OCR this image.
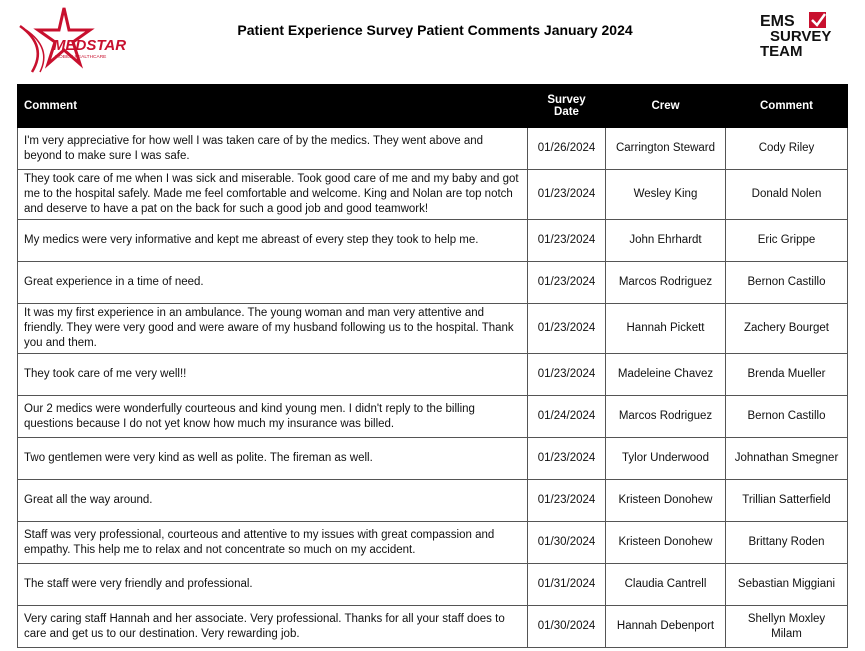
MEDSTAR
MOBILE HEALTHCARE
Patient Experience Survey Patient Comments January 2024	EMS
SURVEY
TEAM
Comment	Survey Date	Crew	Comment
I'm very appreciative for how well I was taken care of by the medics. They went above and beyond to make sure I was safe.	01/26/2024	Carrington Steward	Cody Riley
They took care of me when I was sick and miserable. Took good care of me and my baby and got me to the hospital safely. Made me feel comfortable and welcome. King and Nolan are top notch and deserve to have a pat on the back for such a good job and good teamwork!	01/23/2024	Wesley King	Donald Nolen
My medics were very informative and kept me abreast of every step they took to help me.	01/23/2024	John Ehrhardt	Eric Grippe
Great experience in a time of need.	01/23/2024	Marcos Rodriguez	Bernon Castillo
It was my first experience in an ambulance. The young woman and man very attentive and friendly. They were very good and were aware of my husband following us to the hospital. Thank you and them.	01/23/2024	Hannah Pickett	Zachery Bourget
They took care of me very well!!	01/23/2024	Madeleine Chavez	Brenda Mueller
Our 2 medics were wonderfully courteous and kind young men. I didn't reply to the billing questions because I do not yet know how much my insurance was billed.	01/24/2024	Marcos Rodriguez	Bernon Castillo
Two gentlemen were very kind as well as polite. The fireman as well.	01/23/2024	Tylor Underwood	Johnathan Smegner
Great all the way around.	01/23/2024	Kristeen Donohew	Trillian Satterfield
Staff was very professional, courteous and attentive to my issues with great compassion and empathy. This help me to relax and not concentrate so much on my accident.	01/30/2024	Kristeen Donohew	Brittany Roden
The staff were very friendly and professional.	01/31/2024	Claudia Cantrell	Sebastian Miggiani
Very caring staff Hannah and her associate. Very professional. Thanks for all your staff does to care and get us to our destination. Very rewarding job.	01/30/2024	Hannah Debenport	Shellyn Moxley Milam
